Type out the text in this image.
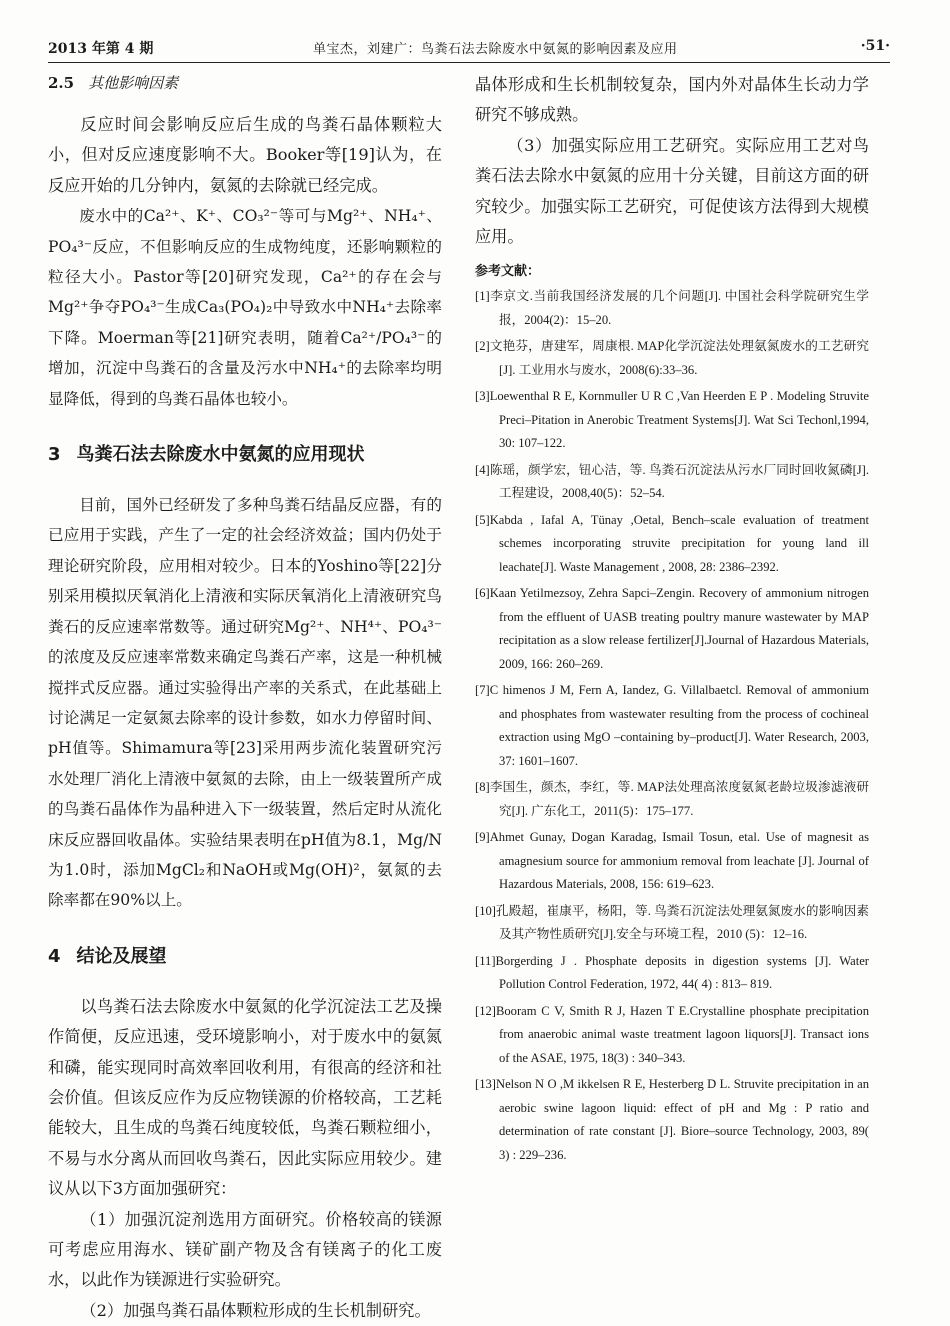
2013 年第 4 期	单宝杰，刘建广：鸟粪石法去除废水中氨氮的影响因素及应用	·51·
2.5 其他影响因素

反应时间会影响反应后生成的鸟粪石晶体颗粒大小，但对反应速度影响不大。Booker等[19]认为，在反应开始的几分钟内，氨氮的去除就已经完成。

废水中的Ca²⁺、K⁺、CO₃²⁻等可与Mg²⁺、NH₄⁺、PO₄³⁻反应，不但影响反应的生成物纯度，还影响颗粒的粒径大小。Pastor等[20]研究发现，Ca²⁺的存在会与Mg²⁺争夺PO₄³⁻生成Ca₃(PO₄)₂中导致水中NH₄⁺去除率下降。Moerman等[21]研究表明，随着Ca²⁺/PO₄³⁻的增加，沉淀中鸟粪石的含量及污水中NH₄⁺的去除率均明显降低，得到的鸟粪石晶体也较小。

3 鸟粪石法去除废水中氨氮的应用现状

目前，国外已经研发了多种鸟粪石结晶反应器，有的已应用于实践，产生了一定的社会经济效益；国内仍处于理论研究阶段，应用相对较少。日本的Yoshino等[22]分别采用模拟厌氧消化上清液和实际厌氧消化上清液研究鸟粪石的反应速率常数等。通过研究Mg²⁺、NH⁴⁺、PO₄³⁻的浓度及反应速率常数来确定鸟粪石产率，这是一种机械搅拌式反应器。通过实验得出产率的关系式，在此基础上讨论满足一定氨氮去除率的设计参数，如水力停留时间、pH值等。Shimamura等[23]采用两步流化装置研究污水处理厂消化上清液中氨氮的去除，由上一级装置所产成的鸟粪石晶体作为晶种进入下一级装置，然后定时从流化床反应器回收晶体。实验结果表明在pH值为8.1，Mg/N为1.0时，添加MgCl₂和NaOH或Mg(OH)²，氨氮的去除率都在90%以上。

4 结论及展望

以鸟粪石法去除废水中氨氮的化学沉淀法工艺及操作简便，反应迅速，受环境影响小，对于废水中的氨氮和磷，能实现同时高效率回收利用，有很高的经济和社会价值。但该反应作为反应物镁源的价格较高，工艺耗能较大，且生成的鸟粪石纯度较低，鸟粪石颗粒细小，不易与水分离从而回收鸟粪石，因此实际应用较少。建议从以下3方面加强研究：

（1）加强沉淀剂选用方面研究。价格较高的镁源可考虑应用海水、镁矿副产物及含有镁离子的化工废水，以此作为镁源进行实验研究。

（2）加强鸟粪石晶体颗粒形成的生长机制研究。

晶体形成和生长机制较复杂，国内外对晶体生长动力学研究不够成熟。

（3）加强实际应用工艺研究。实际应用工艺对鸟粪石法去除水中氨氮的应用十分关键，目前这方面的研究较少。加强实际工艺研究，可促使该方法得到大规模应用。

参考文献：

[1]李京文.当前我国经济发展的几个问题[J]. 中国社会科学院研究生学报，2004(2)：15–20.

[2]文艳芬，唐建军，周康根. MAP化学沉淀法处理氨氮废水的工艺研究[J]. 工业用水与废水，2008(6):33–36.

[3]Loewenthal R E, Kornmuller U R C ,Van Heerden E P . Modeling Struvite Preci–Pitation in Anerobic Treatment Systems[J]. Wat Sci Techonl,1994, 30: 107–122.

[4]陈瑶，颜学宏，钮心洁，等. 鸟粪石沉淀法从污水厂同时回收氮磷[J]. 工程建设，2008,40(5)：52–54.

[5]Kabda , Iafal A, Tünay ,Oetal, Bench–scale evaluation of treatment schemes incorporating struvite precipitation for young land ill leachate[J]. Waste Management , 2008, 28: 2386–2392.

[6]Kaan Yetilmezsoy, Zehra Sapci–Zengin. Recovery of ammonium nitrogen from the effluent of UASB treating poultry manure wastewater by MAP recipitation as a slow release fertilizer[J].Journal of Hazardous Materials, 2009, 166: 260–269.

[7]C himenos J M, Fern A, Iandez, G. Villalbaetcl. Removal of ammonium and phosphates from wastewater resulting from the process of cochineal extraction using MgO –containing by–product[J]. Water Research, 2003, 37: 1601–1607.

[8]李国生，颜杰，李红，等. MAP法处理高浓度氨氮老龄垃圾渗滤液研究[J]. 广东化工，2011(5)：175–177.

[9]Ahmet Gunay, Dogan Karadag, Ismail Tosun, etal. Use of magnesit as amagnesium source for ammonium removal from leachate [J]. Journal of Hazardous Materials, 2008, 156: 619–623.

[10]孔殿超，崔康平，杨阳，等. 鸟粪石沉淀法处理氨氮废水的影响因素及其产物性质研究[J].安全与环境工程，2010 (5)：12–16.

[11]Borgerding J . Phosphate deposits in digestion systems [J]. Water Pollution Control Federation, 1972, 44( 4) : 813– 819.

[12]Booram C V, Smith R J, Hazen T E.Crystalline phosphate precipitation from anaerobic animal waste treatment lagoon liquors[J]. Transact ions of the ASAE, 1975, 18(3) : 340–343.

[13]Nelson N O ,M ikkelsen R E, Hesterberg D L. Struvite precipitation in an aerobic swine lagoon liquid: effect of pH and Mg : P ratio and determination of rate constant [J]. Biore–source Technology, 2003, 89( 3) : 229–236.
